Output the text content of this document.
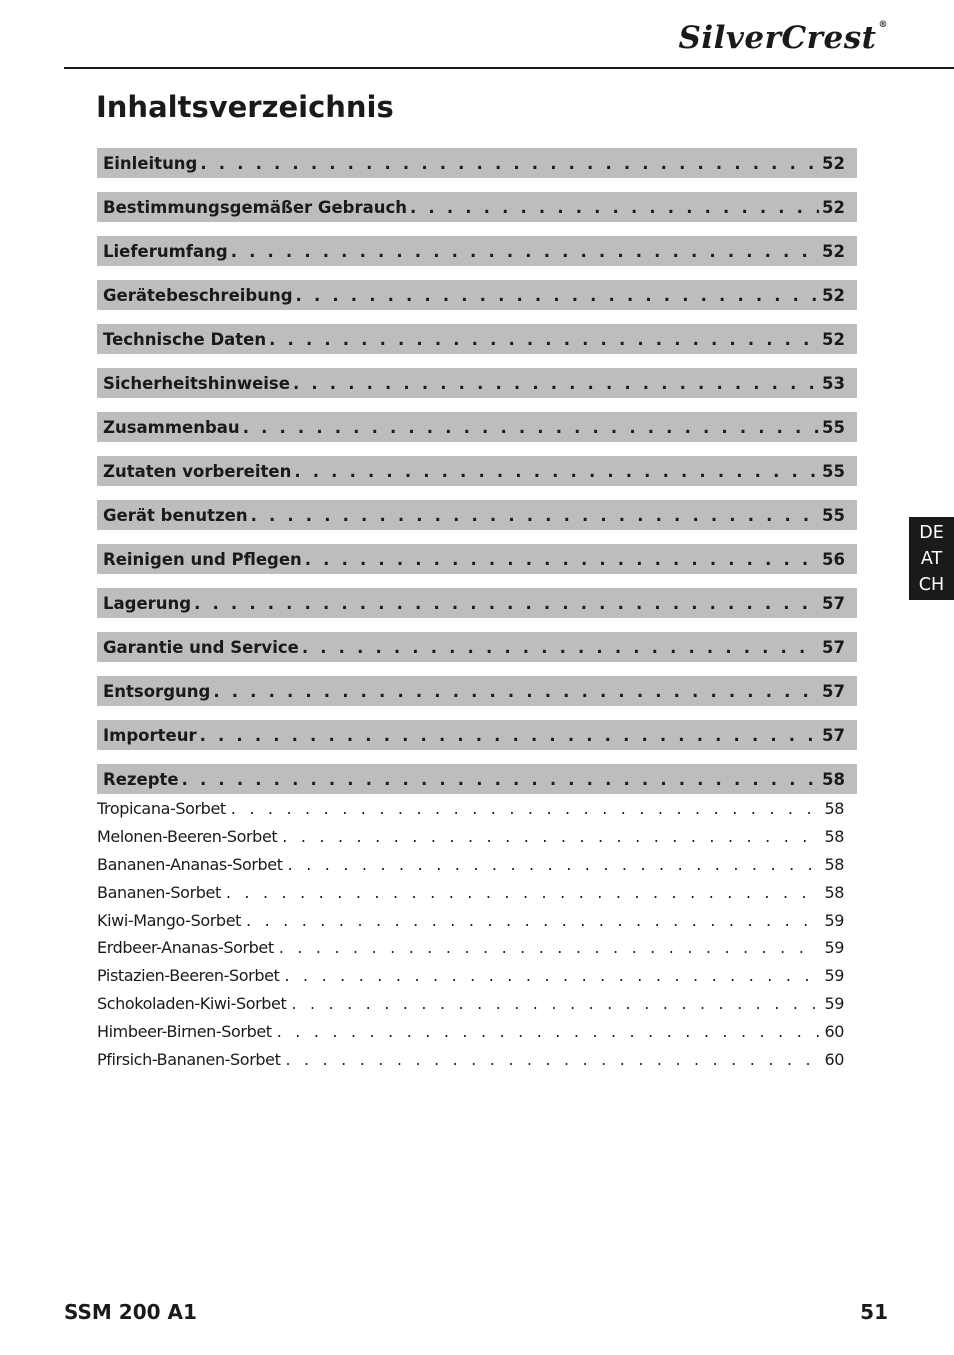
SilverCrest ®
Inhaltsverzeichnis
Einleitung . . .	52
Bestimmungsgemäßer Gebrauch . . .	52
Lieferumfang . . .	52
Gerätebeschreibung . . .	52
Technische Daten . . .	52
Sicherheitshinweise . . .	53
Zusammenbau . . .	55
Zutaten vorbereiten . . .	55
Gerät benutzen . . .	55
Reinigen und Pflegen . . .	56
Lagerung . . .	57
Garantie und Service . . .	57
Entsorgung . . .	57
Importeur . . .	57
Rezepte . . .	58
Tropicana-Sorbet . . .	58
Melonen-Beeren-Sorbet . . .	58
Bananen-Ananas-Sorbet . . .	58
Bananen-Sorbet . . .	58
Kiwi-Mango-Sorbet . . .	59
Erdbeer-Ananas-Sorbet . . .	59
Pistazien-Beeren-Sorbet . . .	59
Schokoladen-Kiwi-Sorbet . . .	59
Himbeer-Birnen-Sorbet . . .	60
Pfirsich-Bananen-Sorbet . . .	60
DE
AT
CH
SSM 200 A1	51
